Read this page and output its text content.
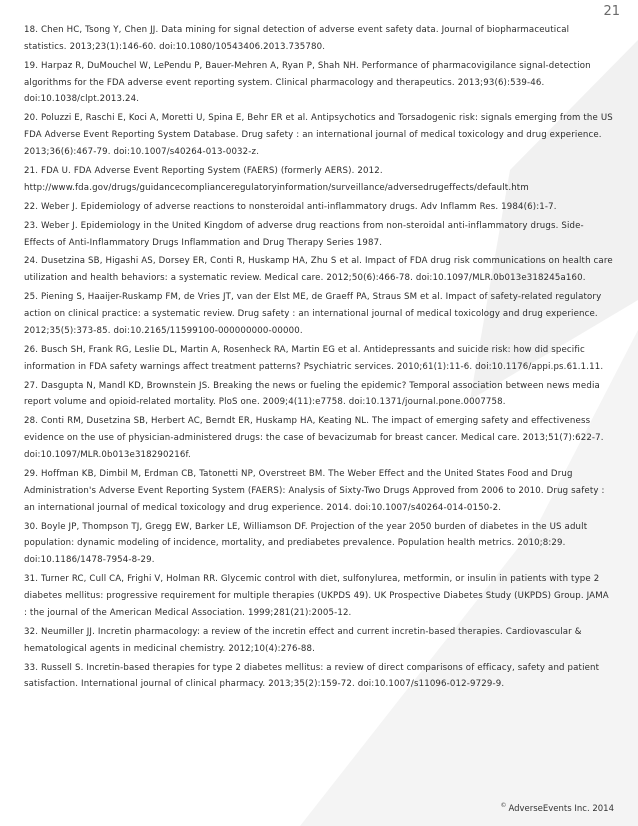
21

18. Chen HC, Tsong Y, Chen JJ. Data mining for signal detection of adverse event safety data. Journal of biopharmaceutical statistics. 2013;23(1):146-60. doi:10.1080/10543406.2013.735780.

19. Harpaz R, DuMouchel W, LePendu P, Bauer-Mehren A, Ryan P, Shah NH. Performance of pharmacovigilance signal-detection algorithms for the FDA adverse event reporting system. Clinical pharmacology and therapeutics. 2013;93(6):539-46. doi:10.1038/clpt.2013.24.

20. Poluzzi E, Raschi E, Koci A, Moretti U, Spina E, Behr ER et al. Antipsychotics and Torsadogenic risk: signals emerging from the US FDA Adverse Event Reporting System Database. Drug safety : an international journal of medical toxicology and drug experience. 2013;36(6):467-79. doi:10.1007/s40264-013-0032-z.

21. FDA U. FDA Adverse Event Reporting System (FAERS) (formerly AERS). 2012. http://www.fda.gov/drugs/guidancecomplianceregulatoryinformation/surveillance/adversedrugeffects/default.htm

22. Weber J. Epidemiology of adverse reactions to nonsteroidal anti-inflammatory drugs. Adv Inflamm Res. 1984(6):1-7.

23. Weber J. Epidemiology in the United Kingdom of adverse drug reactions from non-steroidal anti-inflammatory drugs. Side-Effects of Anti-Inflammatory Drugs Inflammation and Drug Therapy Series 1987.

24. Dusetzina SB, Higashi AS, Dorsey ER, Conti R, Huskamp HA, Zhu S et al. Impact of FDA drug risk communications on health care utilization and health behaviors: a systematic review. Medical care. 2012;50(6):466-78. doi:10.1097/MLR.0b013e318245a160.

25. Piening S, Haaijer-Ruskamp FM, de Vries JT, van der Elst ME, de Graeff PA, Straus SM et al. Impact of safety-related regulatory action on clinical practice: a systematic review. Drug safety : an international journal of medical toxicology and drug experience. 2012;35(5):373-85. doi:10.2165/11599100-000000000-00000.

26. Busch SH, Frank RG, Leslie DL, Martin A, Rosenheck RA, Martin EG et al. Antidepressants and suicide risk: how did specific information in FDA safety warnings affect treatment patterns? Psychiatric services. 2010;61(1):11-6. doi:10.1176/appi.ps.61.1.11.

27. Dasgupta N, Mandl KD, Brownstein JS. Breaking the news or fueling the epidemic? Temporal association between news media report volume and opioid-related mortality. PloS one. 2009;4(11):e7758. doi:10.1371/journal.pone.0007758.

28. Conti RM, Dusetzina SB, Herbert AC, Berndt ER, Huskamp HA, Keating NL. The impact of emerging safety and effectiveness evidence on the use of physician-administered drugs: the case of bevacizumab for breast cancer. Medical care. 2013;51(7):622-7. doi:10.1097/MLR.0b013e318290216f.

29. Hoffman KB, Dimbil M, Erdman CB, Tatonetti NP, Overstreet BM. The Weber Effect and the United States Food and Drug Administration's Adverse Event Reporting System (FAERS): Analysis of Sixty-Two Drugs Approved from 2006 to 2010. Drug safety : an international journal of medical toxicology and drug experience. 2014. doi:10.1007/s40264-014-0150-2.

30. Boyle JP, Thompson TJ, Gregg EW, Barker LE, Williamson DF. Projection of the year 2050 burden of diabetes in the US adult population: dynamic modeling of incidence, mortality, and prediabetes prevalence. Population health metrics. 2010;8:29. doi:10.1186/1478-7954-8-29.

31. Turner RC, Cull CA, Frighi V, Holman RR. Glycemic control with diet, sulfonylurea, metformin, or insulin in patients with type 2 diabetes mellitus: progressive requirement for multiple therapies (UKPDS 49). UK Prospective Diabetes Study (UKPDS) Group. JAMA : the journal of the American Medical Association. 1999;281(21):2005-12.

32. Neumiller JJ. Incretin pharmacology: a review of the incretin effect and current incretin-based therapies. Cardiovascular & hematological agents in medicinal chemistry. 2012;10(4):276-88.

33. Russell S. Incretin-based therapies for type 2 diabetes mellitus: a review of direct comparisons of efficacy, safety and patient satisfaction. International journal of clinical pharmacy. 2013;35(2):159-72. doi:10.1007/s11096-012-9729-9.

© AdverseEvents Inc. 2014
